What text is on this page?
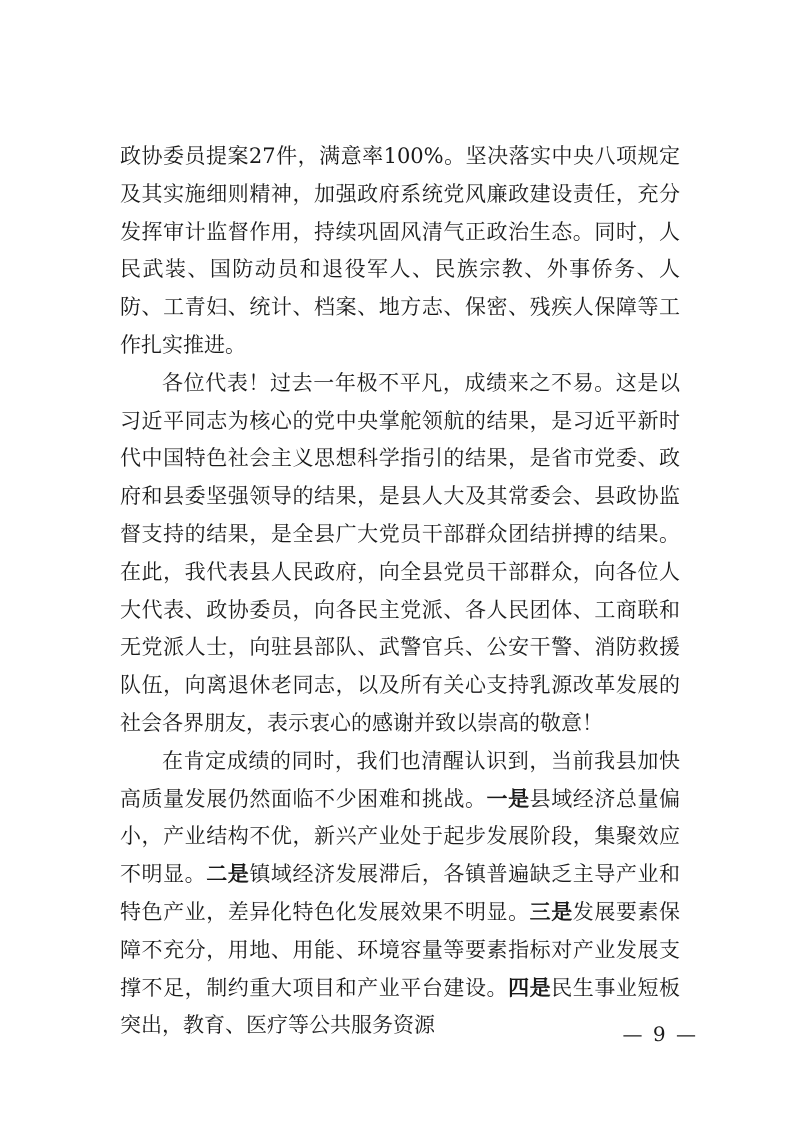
政协委员提案27件，满意率100%。坚决落实中央八项规定及其实施细则精神，加强政府系统党风廉政建设责任，充分发挥审计监督作用，持续巩固风清气正政治生态。同时，人民武装、国防动员和退役军人、民族宗教、外事侨务、人防、工青妇、统计、档案、地方志、保密、残疾人保障等工作扎实推进。

各位代表！过去一年极不平凡，成绩来之不易。这是以习近平同志为核心的党中央掌舵领航的结果，是习近平新时代中国特色社会主义思想科学指引的结果，是省市党委、政府和县委坚强领导的结果，是县人大及其常委会、县政协监督支持的结果，是全县广大党员干部群众团结拼搏的结果。在此，我代表县人民政府，向全县党员干部群众，向各位人大代表、政协委员，向各民主党派、各人民团体、工商联和无党派人士，向驻县部队、武警官兵、公安干警、消防救援队伍，向离退休老同志，以及所有关心支持乳源改革发展的社会各界朋友，表示衷心的感谢并致以崇高的敬意！

在肯定成绩的同时，我们也清醒认识到，当前我县加快高质量发展仍然面临不少困难和挑战。一是县域经济总量偏小，产业结构不优，新兴产业处于起步发展阶段，集聚效应不明显。二是镇域经济发展滞后，各镇普遍缺乏主导产业和特色产业，差异化特色化发展效果不明显。三是发展要素保障不充分，用地、用能、环境容量等要素指标对产业发展支撑不足，制约重大项目和产业平台建设。四是民生事业短板突出，教育、医疗等公共服务资源	— 9 —
